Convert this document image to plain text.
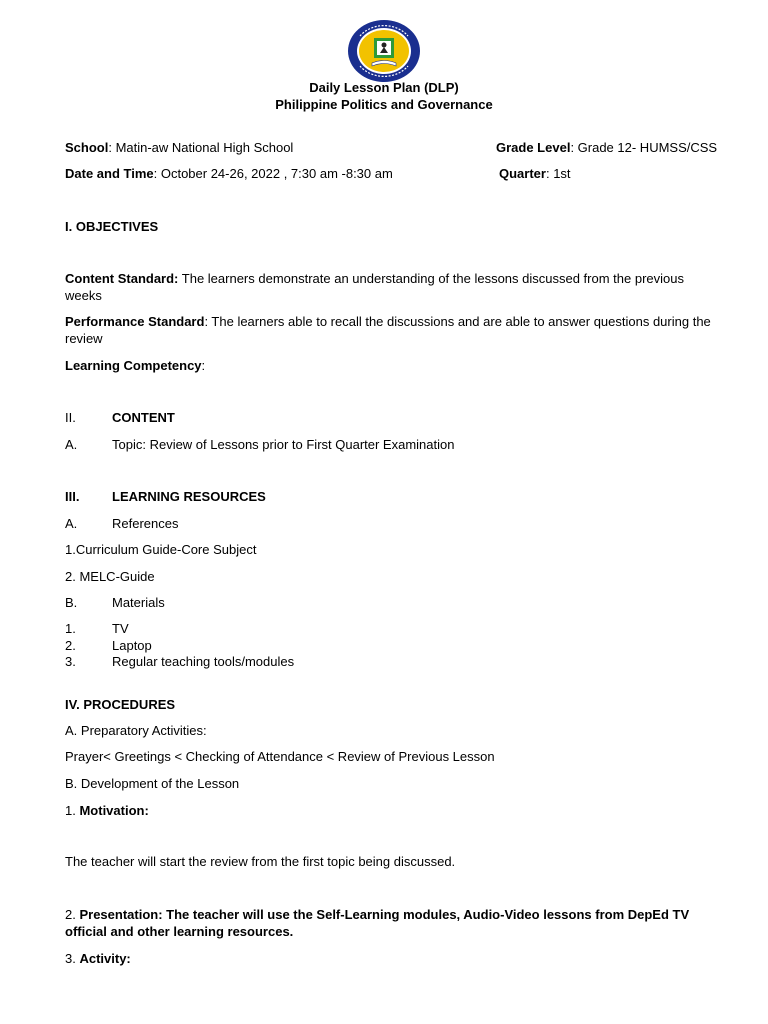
Daily Lesson Plan (DLP)
Philippine Politics and Governance
School: Matin-aw National High School	Grade Level: Grade 12- HUMSS/CSS
Date and Time: October 24-26, 2022 , 7:30 am -8:30 am	Quarter: 1st
I. OBJECTIVES
Content Standard: The learners demonstrate an understanding of the lessons discussed from the previous weeks
Performance Standard: The learners able to recall the discussions and are able to answer questions during the review
Learning Competency:
II.	CONTENT
A.	Topic: Review of Lessons prior to First Quarter Examination
III.	LEARNING RESOURCES
A.	References
1.Curriculum Guide-Core Subject
2. MELC-Guide
B.	Materials
1.	TV
2.	Laptop
3.	Regular teaching tools/modules
IV. PROCEDURES
A. Preparatory Activities:
Prayer< Greetings < Checking of Attendance < Review of Previous Lesson
B. Development of the Lesson
1. Motivation:
The teacher will start the review from the first topic being discussed.
2. Presentation: The teacher will use the Self-Learning modules, Audio-Video lessons from DepEd TV official and other learning resources.
3. Activity:
